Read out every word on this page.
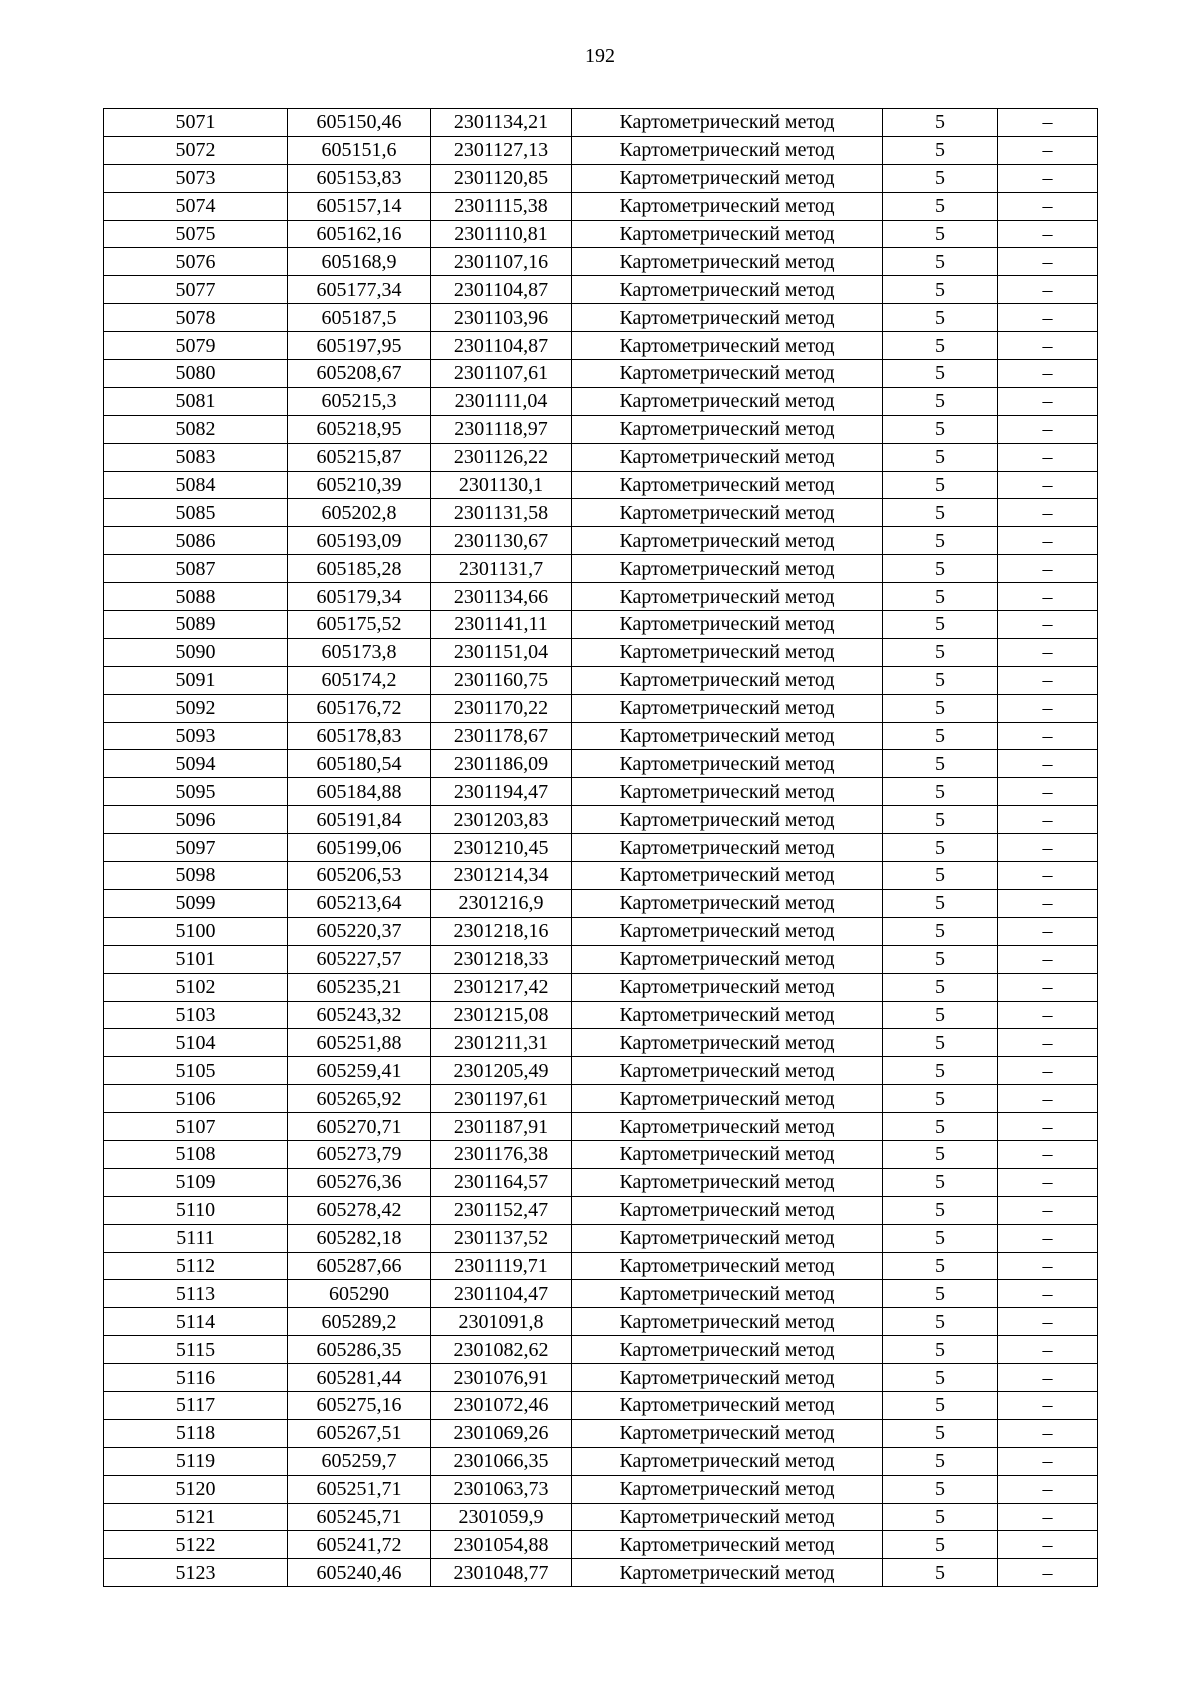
192
5071	605150,46	2301134,21	Картометрический метод	5	–
5072	605151,6	2301127,13	Картометрический метод	5	–
5073	605153,83	2301120,85	Картометрический метод	5	–
5074	605157,14	2301115,38	Картометрический метод	5	–
5075	605162,16	2301110,81	Картометрический метод	5	–
5076	605168,9	2301107,16	Картометрический метод	5	–
5077	605177,34	2301104,87	Картометрический метод	5	–
5078	605187,5	2301103,96	Картометрический метод	5	–
5079	605197,95	2301104,87	Картометрический метод	5	–
5080	605208,67	2301107,61	Картометрический метод	5	–
5081	605215,3	2301111,04	Картометрический метод	5	–
5082	605218,95	2301118,97	Картометрический метод	5	–
5083	605215,87	2301126,22	Картометрический метод	5	–
5084	605210,39	2301130,1	Картометрический метод	5	–
5085	605202,8	2301131,58	Картометрический метод	5	–
5086	605193,09	2301130,67	Картометрический метод	5	–
5087	605185,28	2301131,7	Картометрический метод	5	–
5088	605179,34	2301134,66	Картометрический метод	5	–
5089	605175,52	2301141,11	Картометрический метод	5	–
5090	605173,8	2301151,04	Картометрический метод	5	–
5091	605174,2	2301160,75	Картометрический метод	5	–
5092	605176,72	2301170,22	Картометрический метод	5	–
5093	605178,83	2301178,67	Картометрический метод	5	–
5094	605180,54	2301186,09	Картометрический метод	5	–
5095	605184,88	2301194,47	Картометрический метод	5	–
5096	605191,84	2301203,83	Картометрический метод	5	–
5097	605199,06	2301210,45	Картометрический метод	5	–
5098	605206,53	2301214,34	Картометрический метод	5	–
5099	605213,64	2301216,9	Картометрический метод	5	–
5100	605220,37	2301218,16	Картометрический метод	5	–
5101	605227,57	2301218,33	Картометрический метод	5	–
5102	605235,21	2301217,42	Картометрический метод	5	–
5103	605243,32	2301215,08	Картометрический метод	5	–
5104	605251,88	2301211,31	Картометрический метод	5	–
5105	605259,41	2301205,49	Картометрический метод	5	–
5106	605265,92	2301197,61	Картометрический метод	5	–
5107	605270,71	2301187,91	Картометрический метод	5	–
5108	605273,79	2301176,38	Картометрический метод	5	–
5109	605276,36	2301164,57	Картометрический метод	5	–
5110	605278,42	2301152,47	Картометрический метод	5	–
5111	605282,18	2301137,52	Картометрический метод	5	–
5112	605287,66	2301119,71	Картометрический метод	5	–
5113	605290	2301104,47	Картометрический метод	5	–
5114	605289,2	2301091,8	Картометрический метод	5	–
5115	605286,35	2301082,62	Картометрический метод	5	–
5116	605281,44	2301076,91	Картометрический метод	5	–
5117	605275,16	2301072,46	Картометрический метод	5	–
5118	605267,51	2301069,26	Картометрический метод	5	–
5119	605259,7	2301066,35	Картометрический метод	5	–
5120	605251,71	2301063,73	Картометрический метод	5	–
5121	605245,71	2301059,9	Картометрический метод	5	–
5122	605241,72	2301054,88	Картометрический метод	5	–
5123	605240,46	2301048,77	Картометрический метод	5	–
